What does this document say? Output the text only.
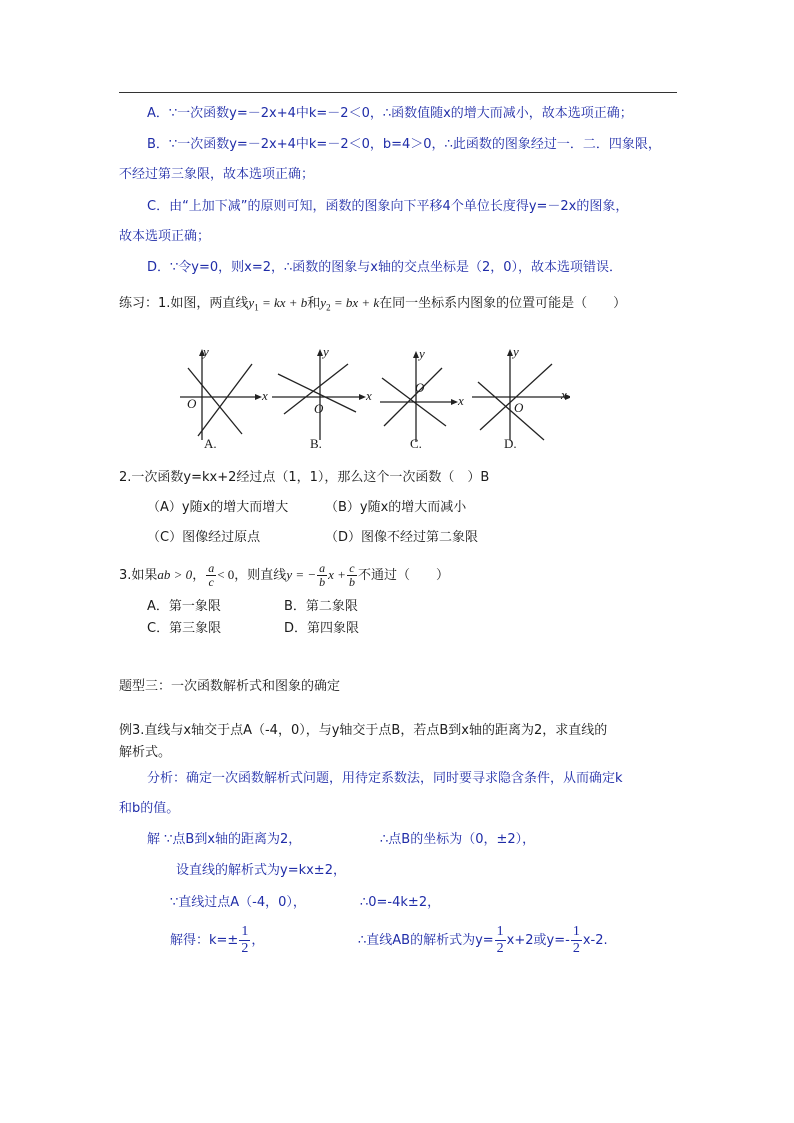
A．∵一次函数y=－2x+4中k=－2＜0，∴函数值随x的增大而减小，故本选项正确；
B．∵一次函数y=－2x+4中k=－2＜0，b=4＞0，∴此函数的图象经过一．二．四象限，
不经过第三象限，故本选项正确；
C．由“上加下减”的原则可知，函数的图象向下平移4个单位长度得y=－2x的图象，
故本选项正确；
D．∵令y=0，则x=2，∴函数的图象与x轴的交点坐标是（2，0），故本选项错误．
练习：1.如图，两直线$y_1$ = kx + b和$y_2$ = bx + k在同一坐标系内图象的位置可能是（　　）
y
x
O
A.
y
x
O
B.
y
x
O
C.
y
x
O
D.
2.一次函数y=kx+2经过点（1，1），那么这个一次函数（　）B
（A）y随x的增大而增大	（B）y随x的增大而减小
（C）图像经过原点	（D）图像不经过第二象限
3.如果ab > 0， $\frac{a}{c} < 0$，则直线y = − $\frac{a}{b}$ $x + \frac{c}{b}$ 不通过（　　）
A．第一象限	B．第二象限
C．第三象限	D．第四象限
题型三：一次函数解析式和图象的确定
例3.直线与x轴交于点A（-4，0），与y轴交于点B，若点B到x轴的距离为2，求直线的
解析式。
分析：确定一次函数解析式问题，用待定系数法，同时要寻求隐含条件，从而确定k
和b的值。
解 ∵点B到x轴的距离为2，	∴点B的坐标为（0，±2），
设直线的解析式为y=kx±2，
∵直线过点A（-4，0），	∴0=-4k±2，
解得：$k=\pm \frac{1}{2}$ ，	∴直线AB的解析式为$y= \frac{1}{2} x+2$或$y=- \frac{1}{2} x-2$.
